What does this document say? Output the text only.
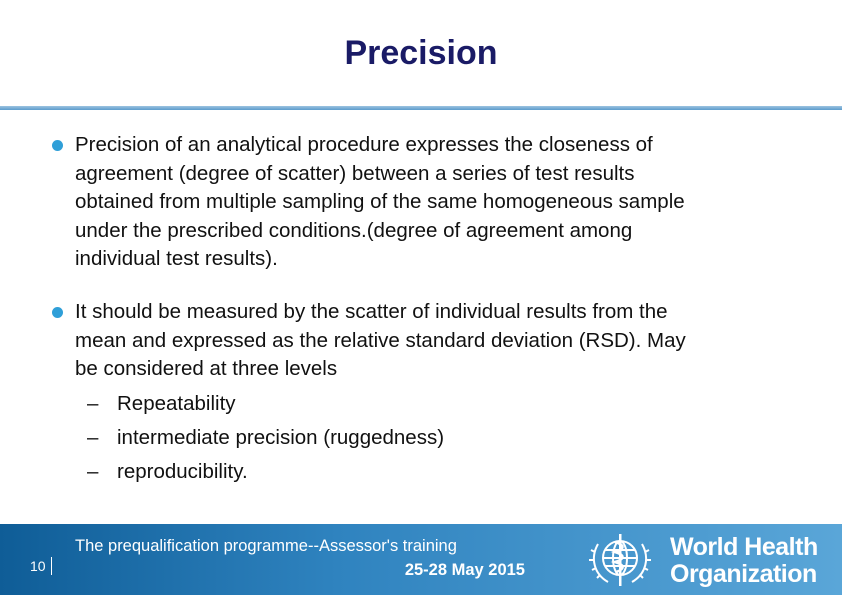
Precision
Precision of an analytical procedure expresses the closeness of
agreement (degree of scatter) between a series of test results
obtained from multiple sampling of the same homogeneous sample
under the prescribed conditions.(degree of agreement among
individual test results).
It should be measured by the scatter of individual results from the
mean and expressed as the relative standard deviation (RSD). May
be considered at three levels
– Repeatability
– intermediate precision (ruggedness)
– reproducibility.
10
The prequalification programme--Assessor's training
25-28 May 2015
World Health
Organization
